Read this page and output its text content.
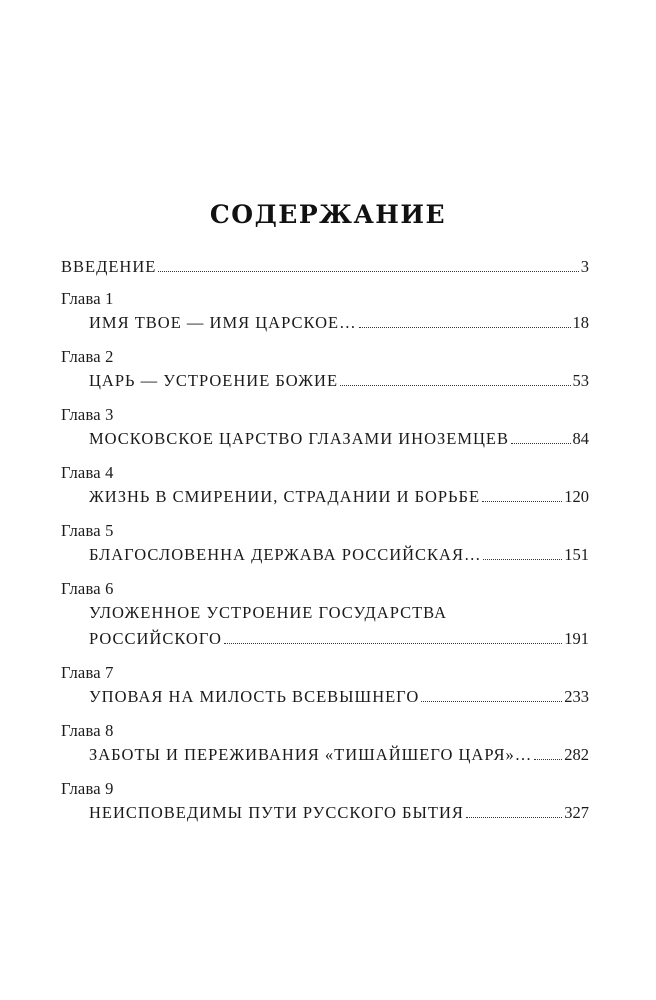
СОДЕРЖАНИЕ
ВВЕДЕНИЕ	3
Глава 1
ИМЯ ТВОЕ — ИМЯ ЦАРСКОЕ…	18
Глава 2
ЦАРЬ — УСТРОЕНИЕ БОЖИЕ	53
Глава 3
МОСКОВСКОЕ ЦАРСТВО ГЛАЗАМИ ИНОЗЕМЦЕВ	84
Глава 4
ЖИЗНЬ В СМИРЕНИИ, СТРАДАНИИ И БОРЬБЕ	120
Глава 5
БЛАГОСЛОВЕННА ДЕРЖАВА РОССИЙСКАЯ…	151
Глава 6
УЛОЖЕННОЕ УСТРОЕНИЕ ГОСУДАРСТВА
РОССИЙСКОГО	191
Глава 7
УПОВАЯ НА МИЛОСТЬ ВСЕВЫШНЕГО	233
Глава 8
ЗАБОТЫ И ПЕРЕЖИВАНИЯ «ТИШАЙШЕГО ЦАРЯ»… 282
Глава 9
НЕИСПОВЕДИМЫ ПУТИ РУССКОГО БЫТИЯ	327
